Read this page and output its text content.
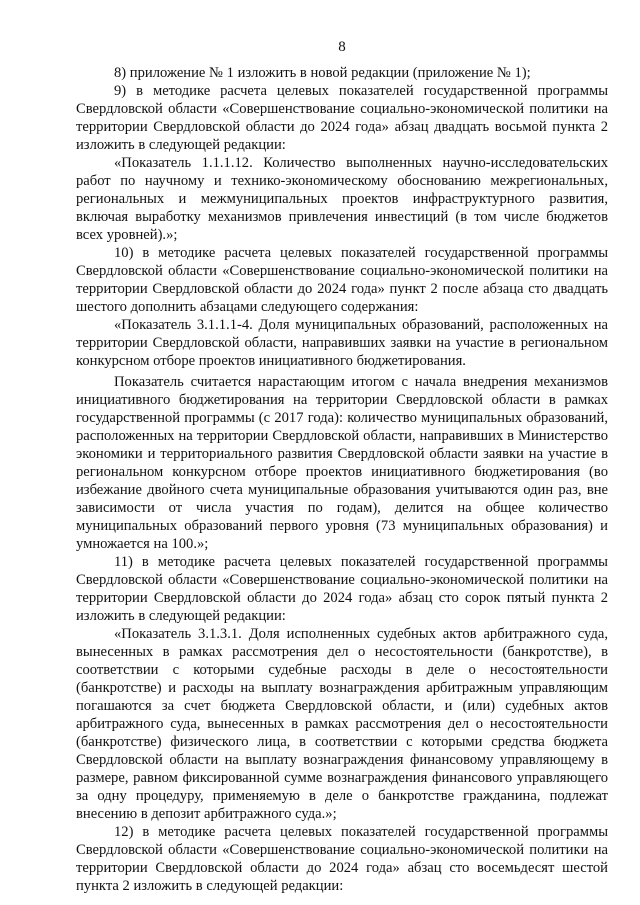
8

8) приложение № 1 изложить в новой редакции (приложение № 1);

9) в методике расчета целевых показателей государственной программы Свердловской области «Совершенствование социально-экономической политики на территории Свердловской области до 2024 года» абзац двадцать восьмой пункта 2 изложить в следующей редакции:

«Показатель 1.1.1.12. Количество выполненных научно-исследовательских работ по научному и технико-экономическому обоснованию межрегиональных, региональных и межмуниципальных проектов инфраструктурного развития, включая выработку механизмов привлечения инвестиций (в том числе бюджетов всех уровней).»;

10) в методике расчета целевых показателей государственной программы Свердловской области «Совершенствование социально-экономической политики на территории Свердловской области до 2024 года» пункт 2 после абзаца сто двадцать шестого дополнить абзацами следующего содержания:

«Показатель 3.1.1.1-4. Доля муниципальных образований, расположенных на территории Свердловской области, направивших заявки на участие в региональном конкурсном отборе проектов инициативного бюджетирования.

Показатель считается нарастающим итогом с начала внедрения механизмов инициативного бюджетирования на территории Свердловской области в рамках государственной программы (с 2017 года): количество муниципальных образований, расположенных на территории Свердловской области, направивших в Министерство экономики и территориального развития Свердловской области заявки на участие в региональном конкурсном отборе проектов инициативного бюджетирования (во избежание двойного счета муниципальные образования учитываются один раз, вне зависимости от числа участия по годам), делится на общее количество муниципальных образований первого уровня (73 муниципальных образования) и умножается на 100.»;

11) в методике расчета целевых показателей государственной программы Свердловской области «Совершенствование социально-экономической политики на территории Свердловской области до 2024 года» абзац сто сорок пятый пункта 2 изложить в следующей редакции:

«Показатель 3.1.3.1. Доля исполненных судебных актов арбитражного суда, вынесенных в рамках рассмотрения дел о несостоятельности (банкротстве), в соответствии с которыми судебные расходы в деле о несостоятельности (банкротстве) и расходы на выплату вознаграждения арбитражным управляющим погашаются за счет бюджета Свердловской области, и (или) судебных актов арбитражного суда, вынесенных в рамках рассмотрения дел о несостоятельности (банкротстве) физического лица, в соответствии с которыми средства бюджета Свердловской области на выплату вознаграждения финансовому управляющему в размере, равном фиксированной сумме вознаграждения финансового управляющего за одну процедуру, применяемую в деле о банкротстве гражданина, подлежат внесению в депозит арбитражного суда.»;

12) в методике расчета целевых показателей государственной программы Свердловской области «Совершенствование социально-экономической политики на территории Свердловской области до 2024 года» абзац сто восемьдесят шестой пункта 2 изложить в следующей редакции:
